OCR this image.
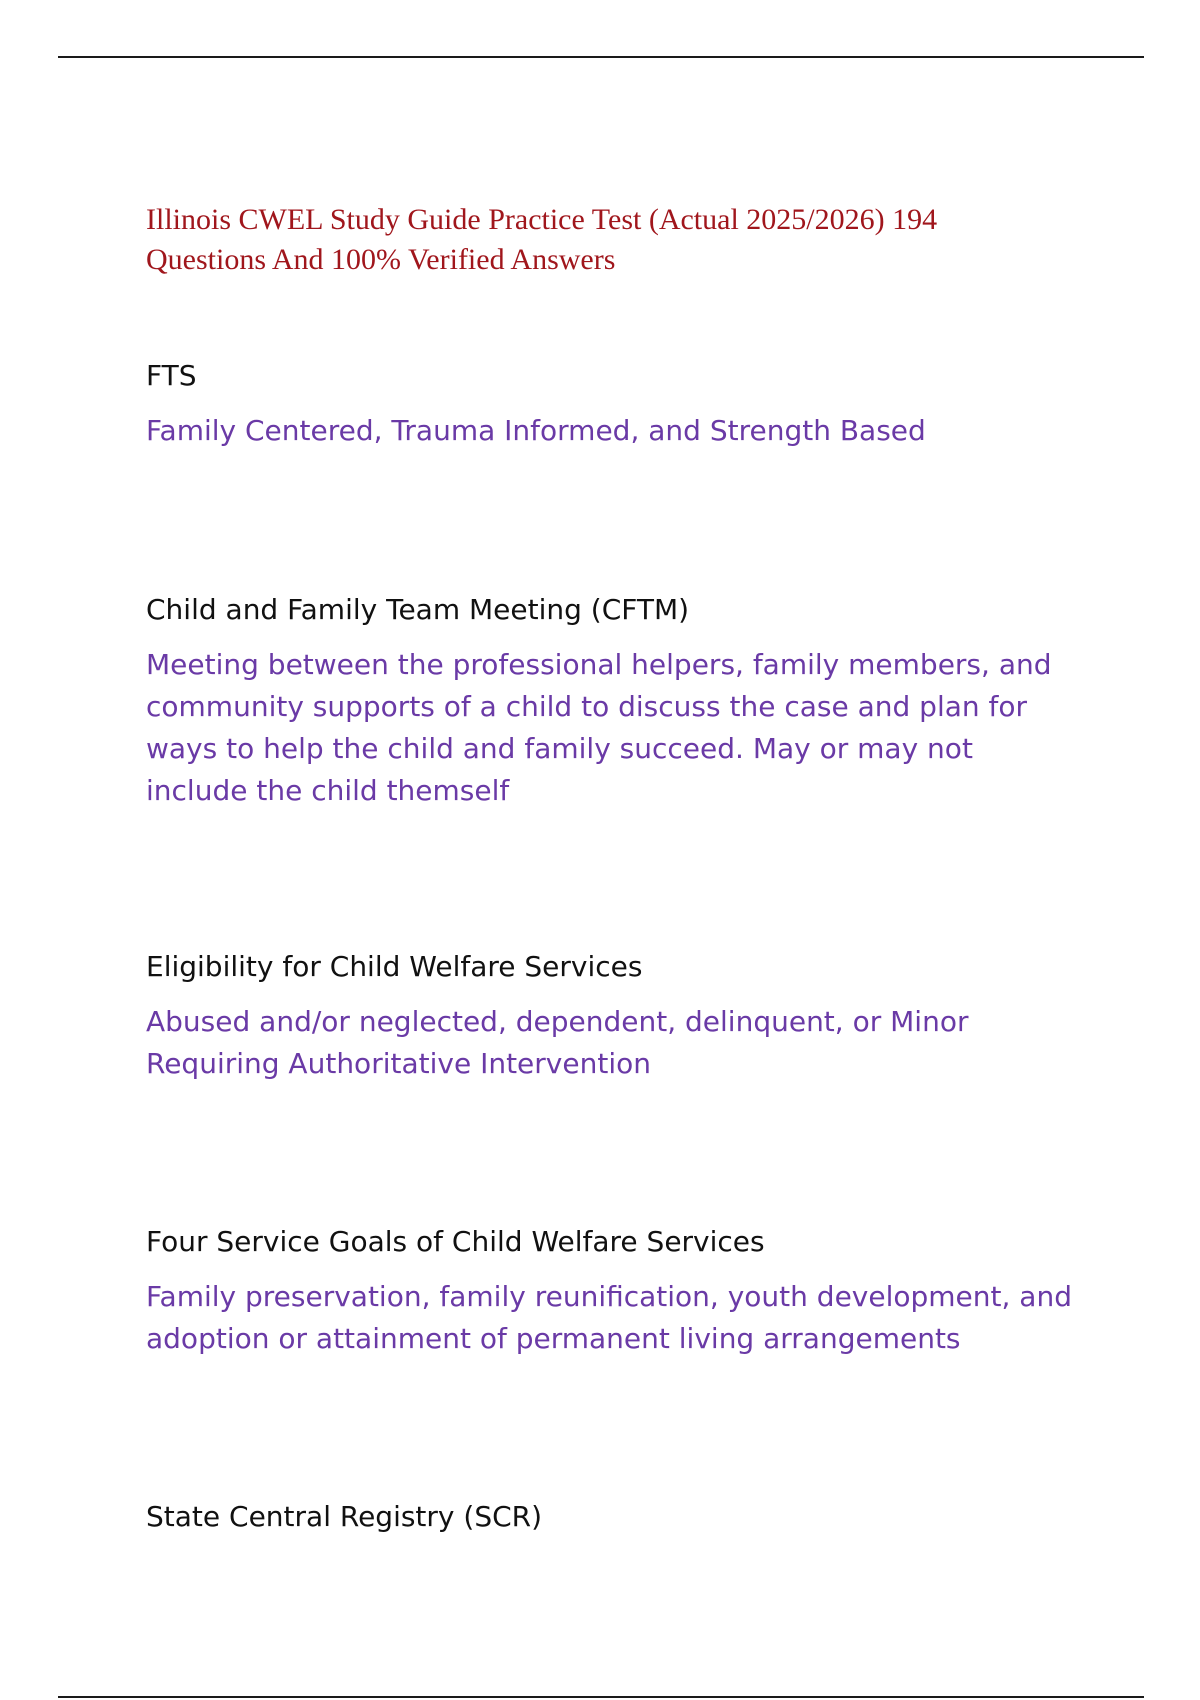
Illinois CWEL Study Guide Practice Test (Actual 2025/2026) 194 Questions And 100% Verified Answers

FTS

Family Centered, Trauma Informed, and Strength Based

Child and Family Team Meeting (CFTM)

Meeting between the professional helpers, family members, and community supports of a child to discuss the case and plan for ways to help the child and family succeed. May or may not include the child themself

Eligibility for Child Welfare Services

Abused and/or neglected, dependent, delinquent, or Minor Requiring Authoritative Intervention

Four Service Goals of Child Welfare Services

Family preservation, family reunification, youth development, and adoption or attainment of permanent living arrangements

State Central Registry (SCR)
